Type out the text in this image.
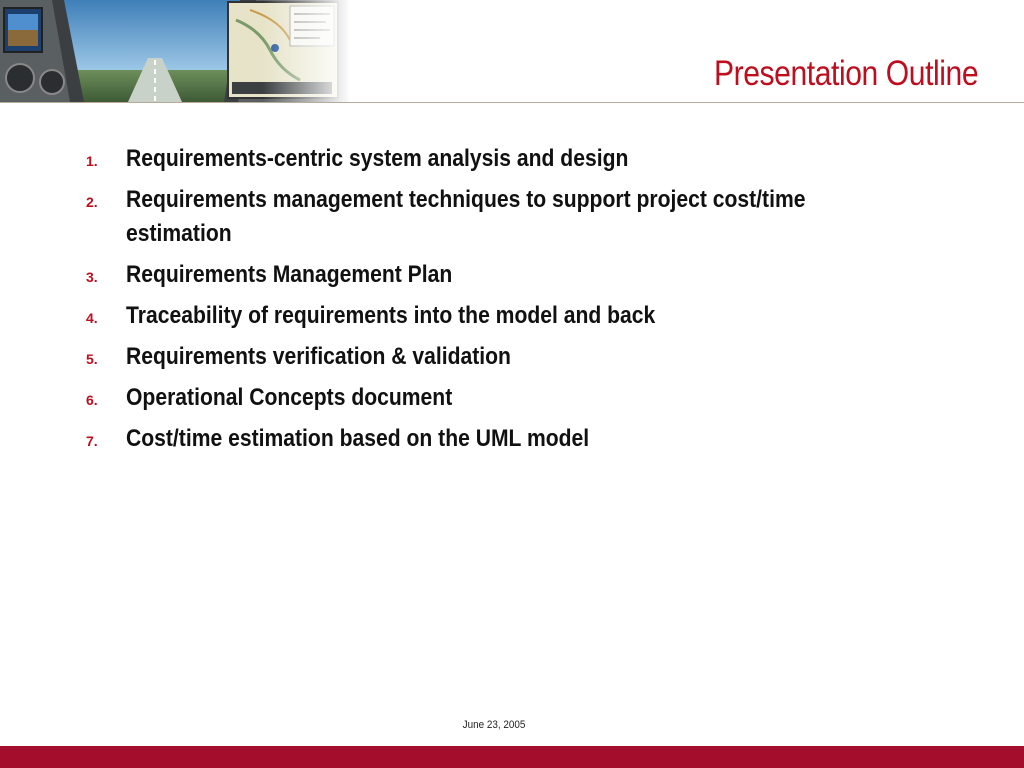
Presentation Outline
1. Requirements-centric system analysis and design
2. Requirements management techniques to support project cost/time estimation
3. Requirements Management Plan
4. Traceability of requirements into the model and back
5. Requirements verification & validation
6. Operational Concepts document
7. Cost/time estimation based on the UML model
June 23, 2005
